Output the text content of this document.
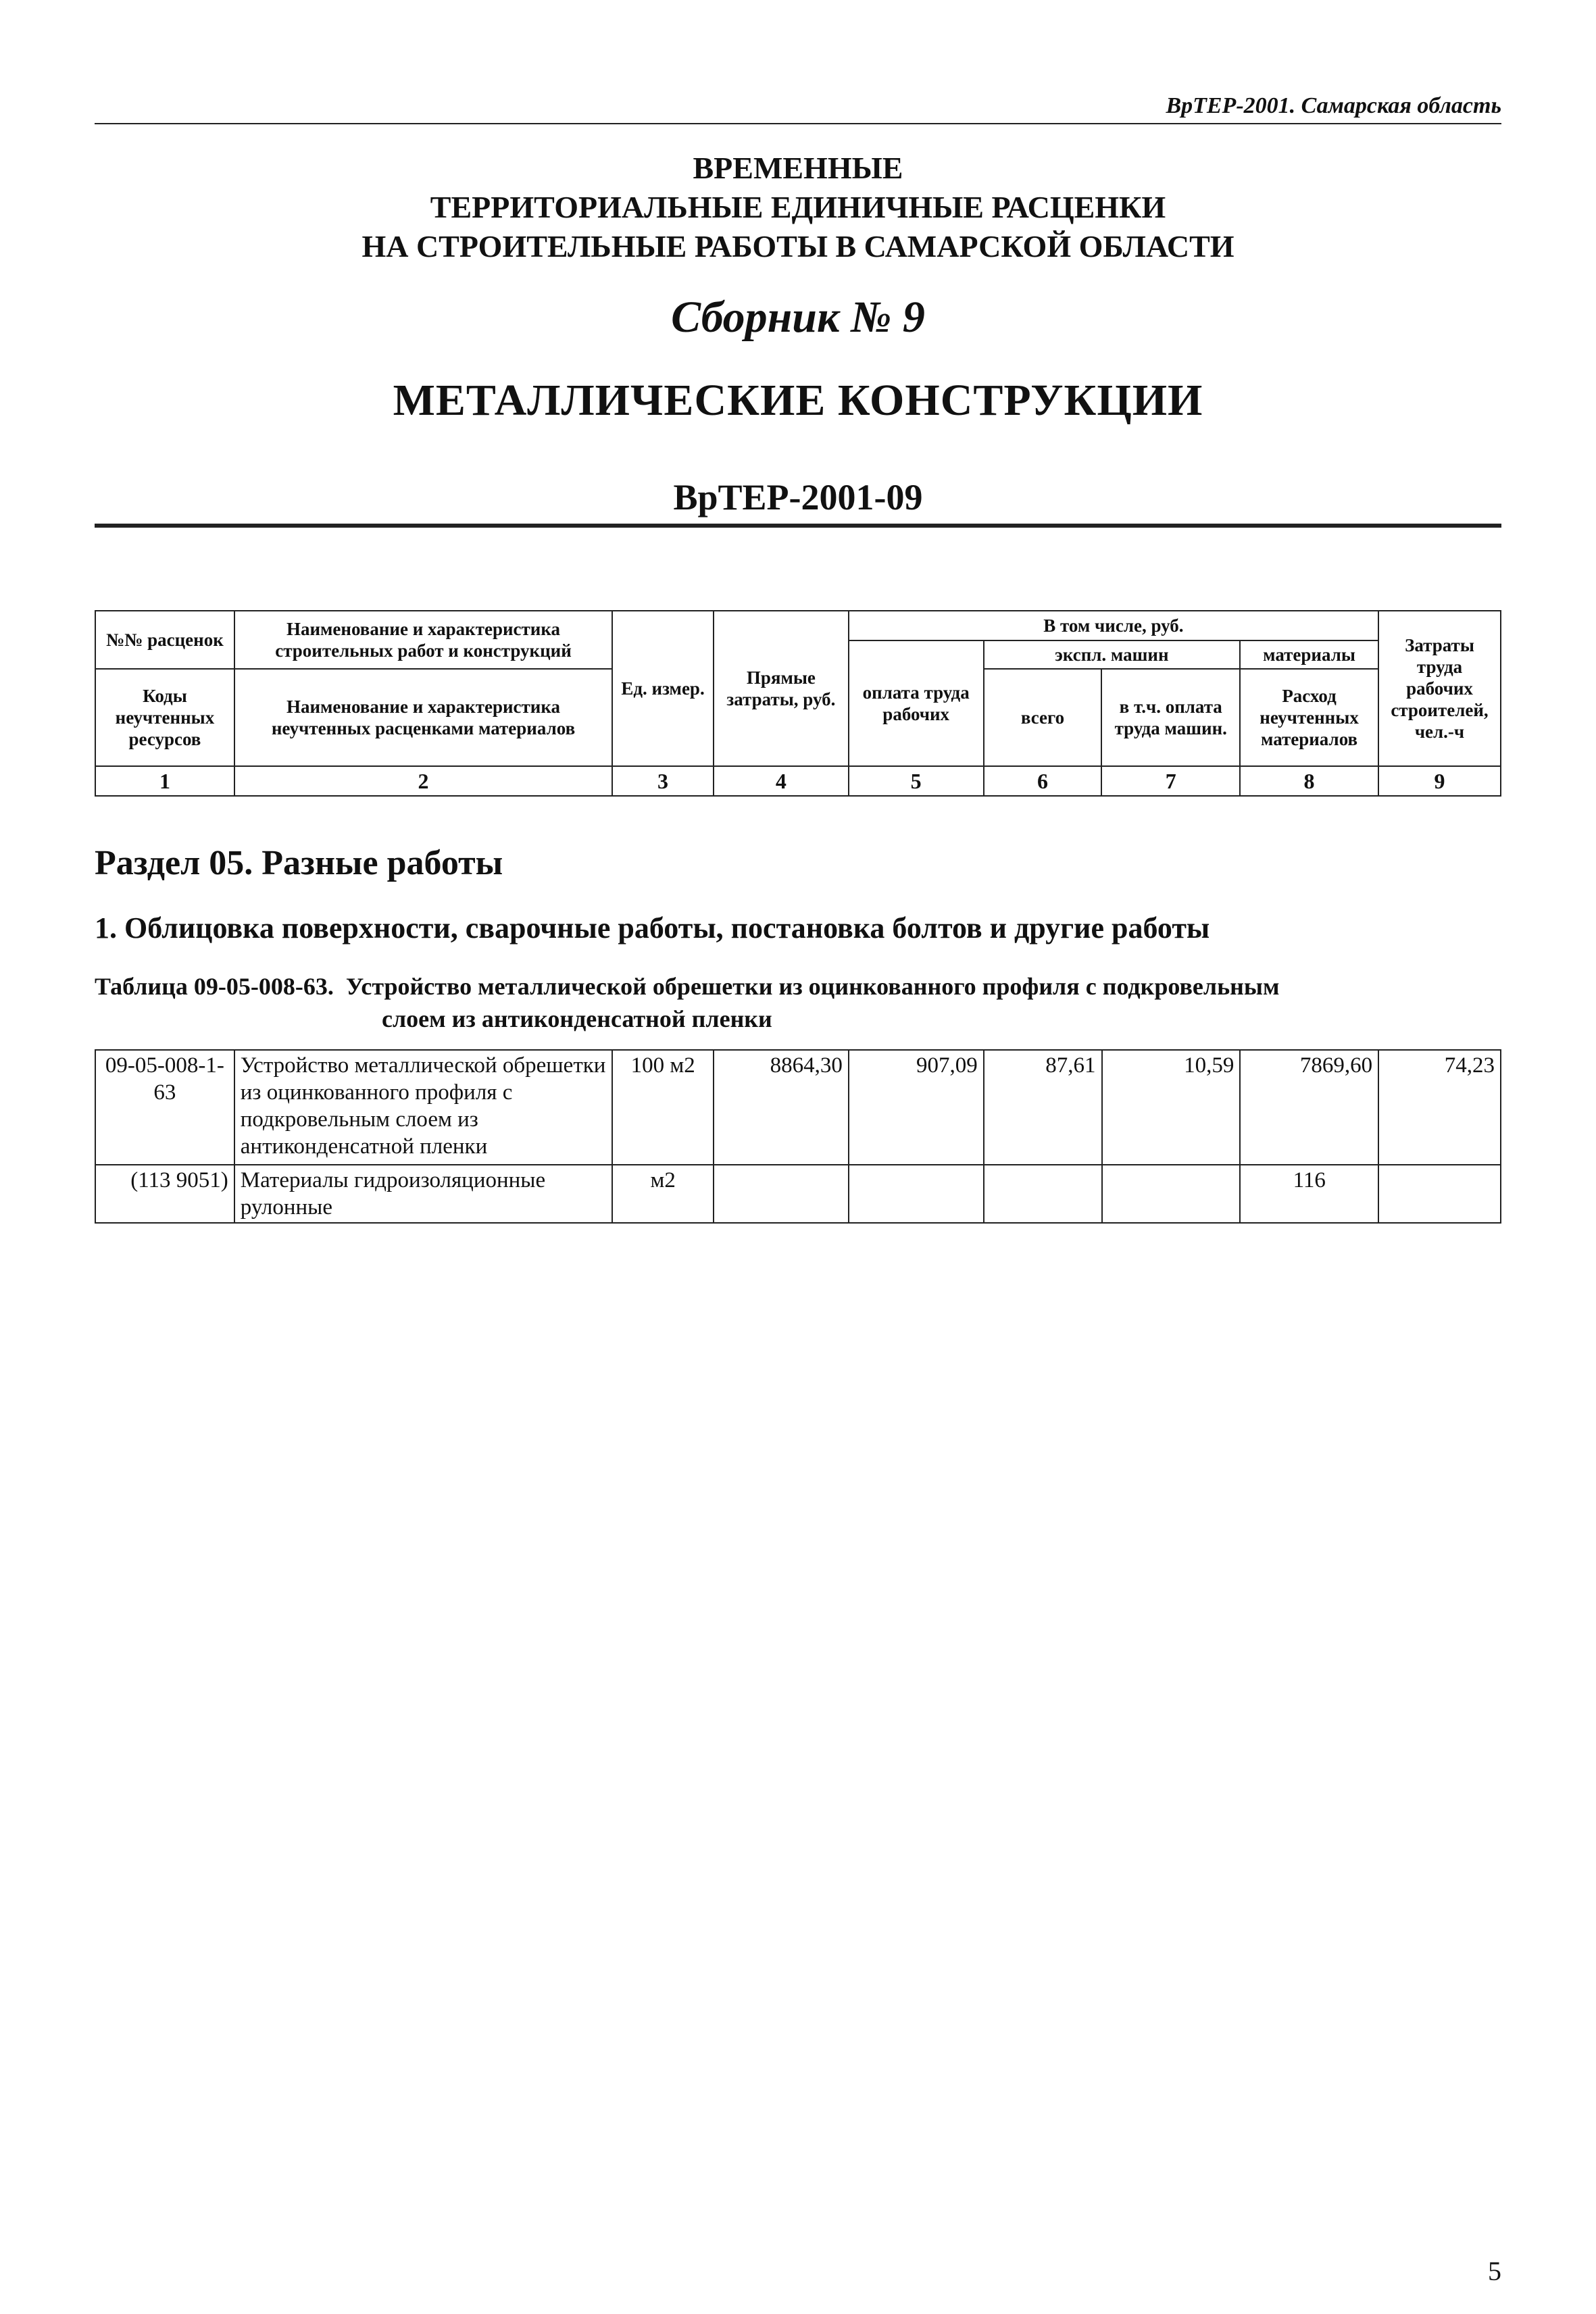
ВрТЕР-2001. Самарская область
ВРЕМЕННЫЕ
ТЕРРИТОРИАЛЬНЫЕ ЕДИНИЧНЫЕ РАСЦЕНКИ
НА СТРОИТЕЛЬНЫЕ РАБОТЫ В САМАРСКОЙ ОБЛАСТИ
Сборник № 9
МЕТАЛЛИЧЕСКИЕ КОНСТРУКЦИИ
ВрТЕР-2001-09
№№ расценок	Наименование и характеристика строительных работ и конструкций	Ед. измер.	Прямые затраты, руб.	В том числе, руб.				Затраты труда рабочих строителей, чел.-ч
				оплата труда рабочих	экспл. машин		материалы	
Коды неучтенных ресурсов	Наименование и характеристика неучтенных расценками материалов				всего	в т.ч. оплата труда машин.	Расход неучтенных материалов	

1	2	3	4	5	6	7	8	9
Раздел 05. Разные работы
1. Облицовка поверхности, сварочные работы, постановка болтов и другие работы
Таблица 09-05-008-63. Устройство металлической обрешетки из оцинкованного профиля с подкровельным
слоем из антиконденсатной пленки
09-05-008-1-63	Устройство металлической обрешетки из оцинкованного профиля с подкровельным слоем из антиконденсатной пленки	100 м2	8864,30	907,09	87,61	10,59	7869,60	74,23
(113 9051)	Материалы гидроизоляционные рулонные	м2					116	
5
